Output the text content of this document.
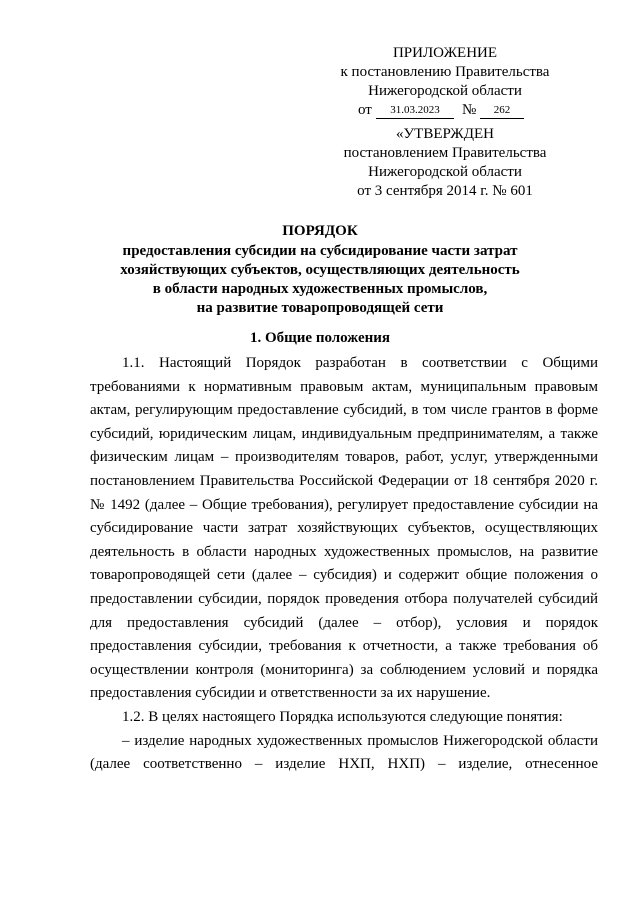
ПРИЛОЖЕНИЕ
к постановлению Правительства
Нижегородской области
от	31.03.2023	№	262
«УТВЕРЖДЕН
постановлением Правительства
Нижегородской области
от 3 сентября 2014 г. № 601
ПОРЯДОК
предоставления субсидии на субсидирование части затрат
хозяйствующих субъектов, осуществляющих деятельность
в области народных художественных промыслов,
на развитие товаропроводящей сети
1. Общие положения

1.1. Настоящий Порядок разработан в соответствии с Общими требованиями к нормативным правовым актам, муниципальным правовым актам, регулирующим предоставление субсидий, в том числе грантов в форме субсидий, юридическим лицам, индивидуальным предпринимателям, а также физическим лицам – производителям товаров, работ, услуг, утвержденными постановлением Правительства Российской Федерации от 18 сентября 2020 г. № 1492 (далее – Общие требования), регулирует предоставление субсидии на субсидирование части затрат хозяйствующих субъектов, осуществляющих деятельность в области народных художественных промыслов, на развитие товаропроводящей сети (далее – субсидия) и содержит общие положения о предоставлении субсидии, порядок проведения отбора получателей субсидий для предоставления субсидий (далее – отбор), условия и порядок предоставления субсидии, требования к отчетности, а также требования об осуществлении контроля (мониторинга) за соблюдением условий и порядка предоставления субсидии и ответственности за их нарушение.

1.2. В целях настоящего Порядка используются следующие понятия:

– изделие народных художественных промыслов Нижегородской области (далее соответственно – изделие НХП, НХП) – изделие, отнесенное
